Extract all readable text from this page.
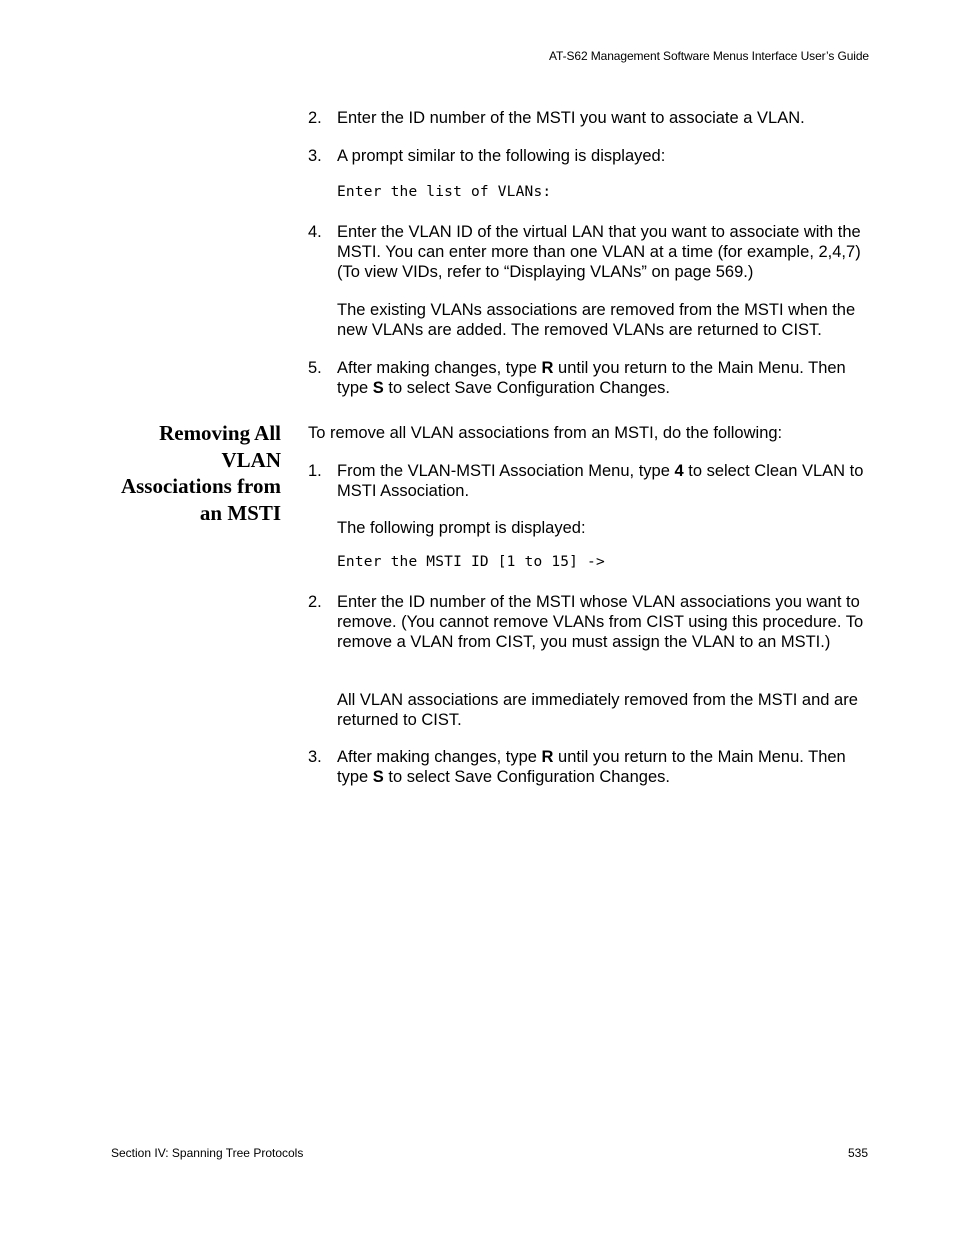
AT-S62 Management Software Menus Interface User’s Guide
2. Enter the ID number of the MSTI you want to associate a VLAN.
3. A prompt similar to the following is displayed:
Enter the list of VLANs:
4. Enter the VLAN ID of the virtual LAN that you want to associate with the MSTI. You can enter more than one VLAN at a time (for example, 2,4,7) (To view VIDs, refer to “Displaying VLANs” on page 569.)
The existing VLANs associations are removed from the MSTI when the new VLANs are added. The removed VLANs are returned to CIST.
5. After making changes, type R until you return to the Main Menu. Then type S to select Save Configuration Changes.
Removing All
VLAN
Associations from
an MSTI
To remove all VLAN associations from an MSTI, do the following:
1. From the VLAN-MSTI Association Menu, type 4 to select Clean VLAN to MSTI Association.
The following prompt is displayed:
Enter the MSTI ID [1 to 15] ->
2. Enter the ID number of the MSTI whose VLAN associations you want to remove. (You cannot remove VLANs from CIST using this procedure. To remove a VLAN from CIST, you must assign the VLAN to an MSTI.)
All VLAN associations are immediately removed from the MSTI and are returned to CIST.
3. After making changes, type R until you return to the Main Menu. Then type S to select Save Configuration Changes.
Section IV: Spanning Tree Protocols	535
